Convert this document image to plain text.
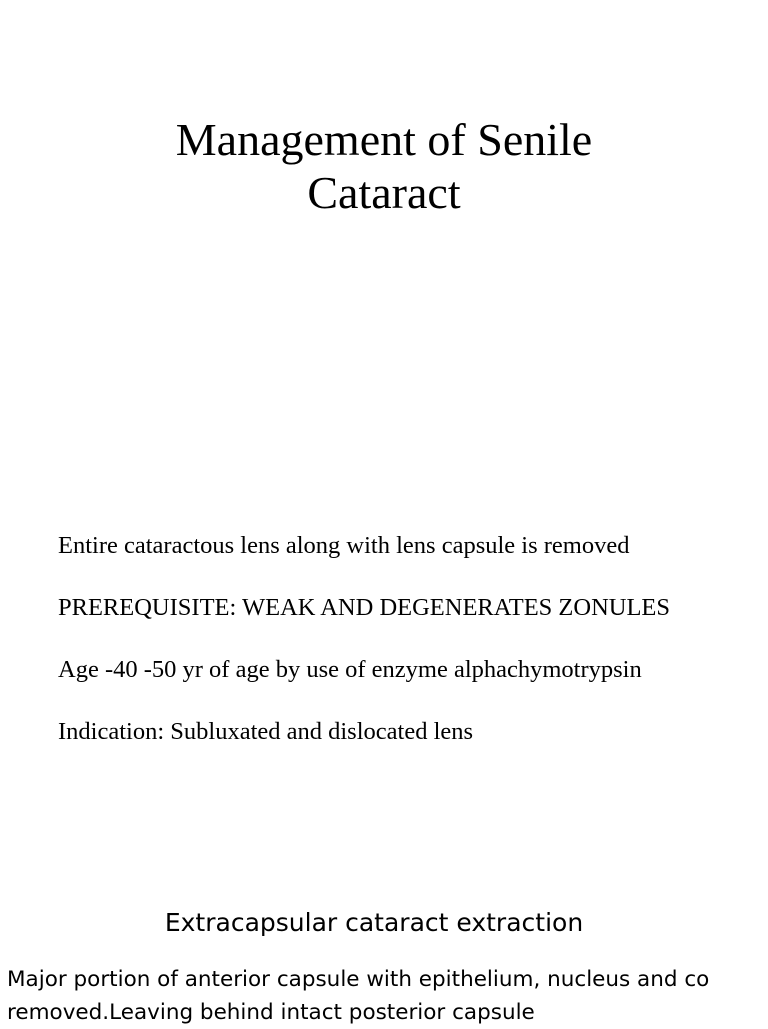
Management of Senile
Cataract
Entire cataractous lens along with lens capsule is removed
PREREQUISITE: WEAK AND DEGENERATES ZONULES
Age -40 -50 yr of age by use of enzyme alphachymotrypsin
Indication: Subluxated and dislocated lens
Extracapsular cataract extraction

Major portion of anterior capsule with epithelium, nucleus and co
removed.Leaving behind intact posterior capsule
